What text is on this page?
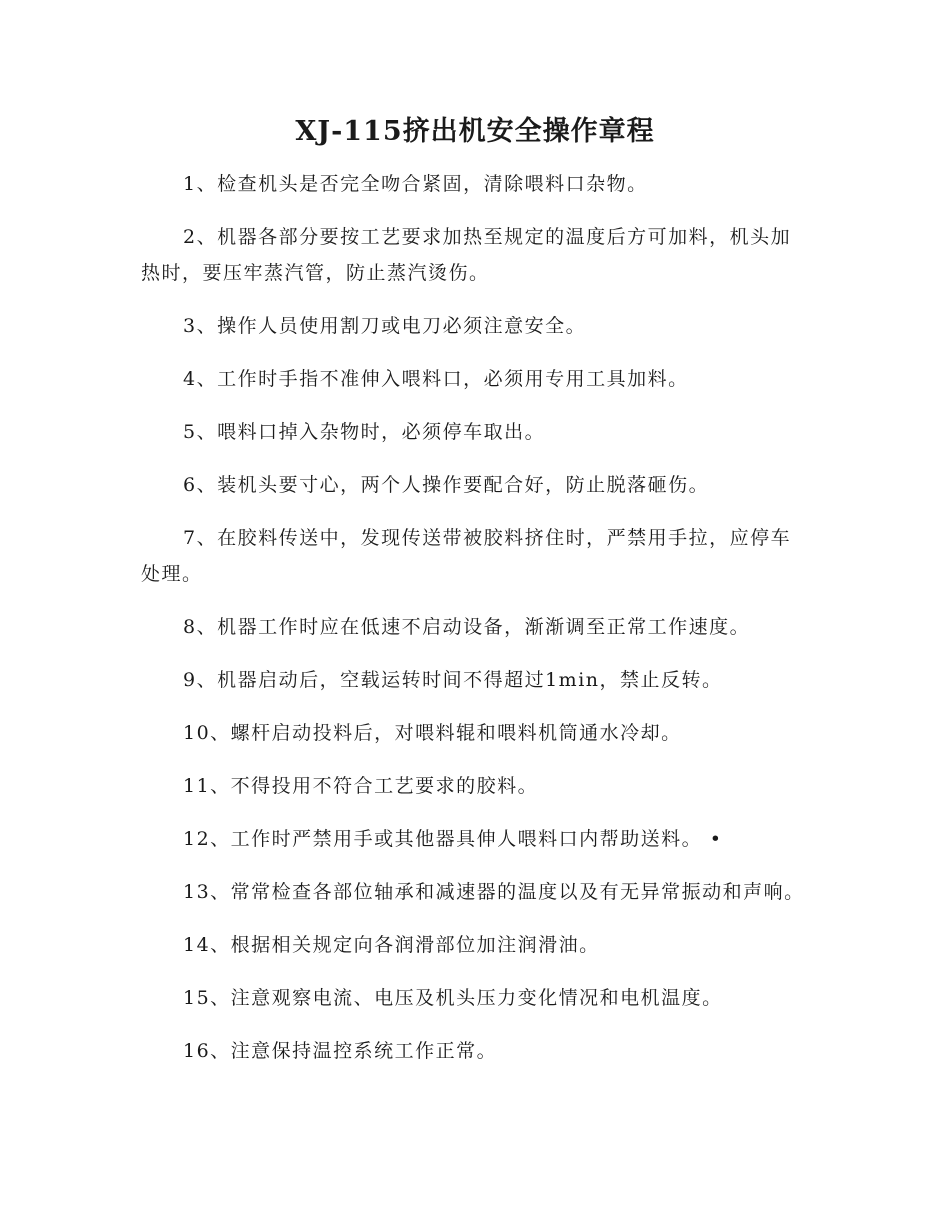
XJ-115挤出机安全操作章程

1、检查机头是否完全吻合紧固，清除喂料口杂物。

2、机器各部分要按工艺要求加热至规定的温度后方可加料，机头加热时，要压牢蒸汽管，防止蒸汽烫伤。

3、操作人员使用割刀或电刀必须注意安全。

4、工作时手指不准伸入喂料口，必须用专用工具加料。

5、喂料口掉入杂物时，必须停车取出。

6、装机头要寸心，两个人操作要配合好，防止脱落砸伤。

7、在胶料传送中，发现传送带被胶料挤住时，严禁用手拉，应停车处理。

8、机器工作时应在低速不启动设备，渐渐调至正常工作速度。

9、机器启动后，空载运转时间不得超过1min，禁止反转。

10、螺杆启动投料后，对喂料辊和喂料机筒通水冷却。

11、不得投用不符合工艺要求的胶料。

12、工作时严禁用手或其他器具伸人喂料口内帮助送料。 •

13、常常检查各部位轴承和减速器的温度以及有无异常振动和声响。

14、根据相关规定向各润滑部位加注润滑油。

15、注意观察电流、电压及机头压力变化情况和电机温度。

16、注意保持温控系统工作正常。
